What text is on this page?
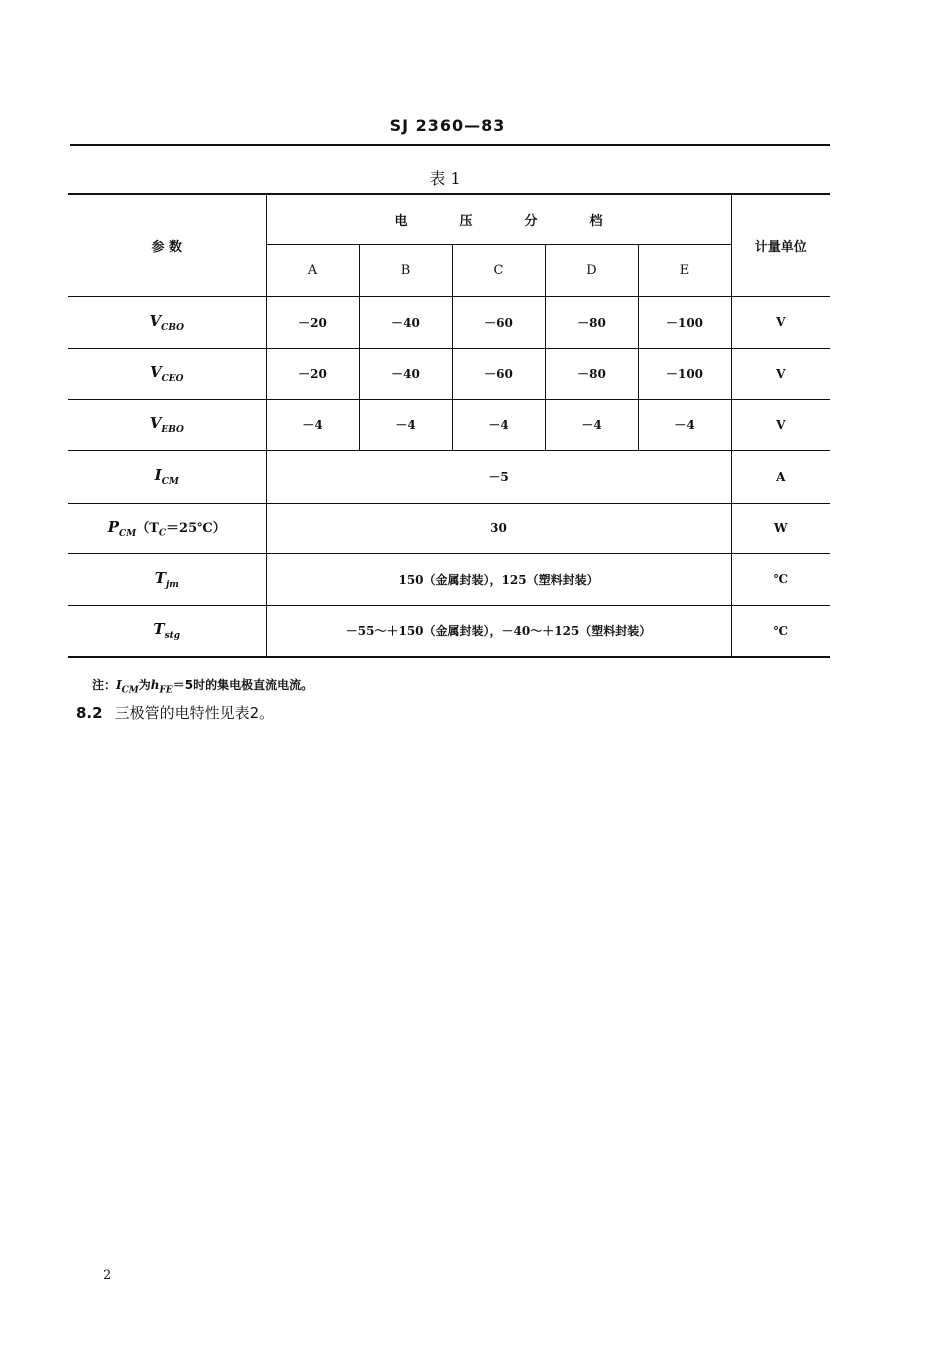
SJ 2360—83
表 1
参 数	电压分档					计量单位
	A	B	C	D	E	
$V_{CBO}$	－20	－40	－60	－80	－100	V
$V_{CEO}$	－20	－40	－60	－80	－100	V
$V_{EBO}$	－4	－4	－4	－4	－4	V
$I_{CM}$	－5					A
$P_{CM}(T_C=25℃)$	30					W
$T_{jm}$	150（金属封装），125（塑料封装）					℃
$T_{stg}$	－55～＋150（金属封装），－40～＋125（塑料封装）					℃
注：$I_{CM}$为$h_{FE}=5$时的集电极直流电流。
8.2 三极管的电特性见表2。
2
